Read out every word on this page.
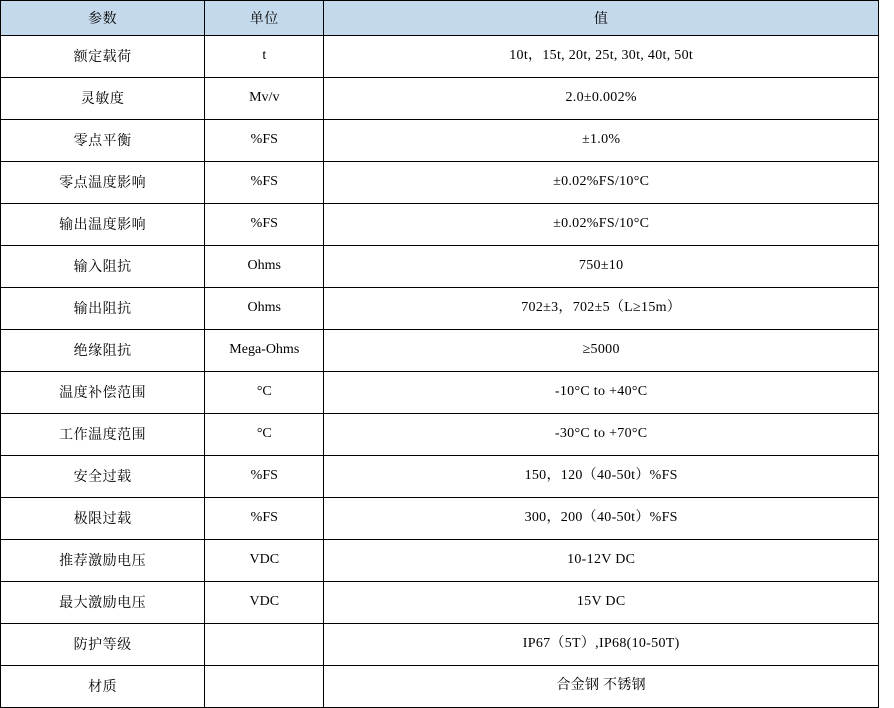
参数	单位	值
额定载荷	t	10t，15t, 20t, 25t, 30t, 40t, 50t
灵敏度	Mv/v	2.0±0.002%
零点平衡	%FS	±1.0%
零点温度影响	%FS	±0.02%FS/10°C
输出温度影响	%FS	±0.02%FS/10°C
输入阻抗	Ohms	750±10
输出阻抗	Ohms	702±3，702±5（L≥15m）
绝缘阻抗	Mega-Ohms	≥5000
温度补偿范围	°C	-10°C to +40°C
工作温度范围	°C	-30°C to +70°C
安全过载	%FS	150，120（40-50t）%FS
极限过载	%FS	300，200（40-50t）%FS
推荐激励电压	VDC	10-12V DC
最大激励电压	VDC	15V DC
防护等级		IP67（5T）,IP68(10-50T)
材质		合金钢 不锈钢
